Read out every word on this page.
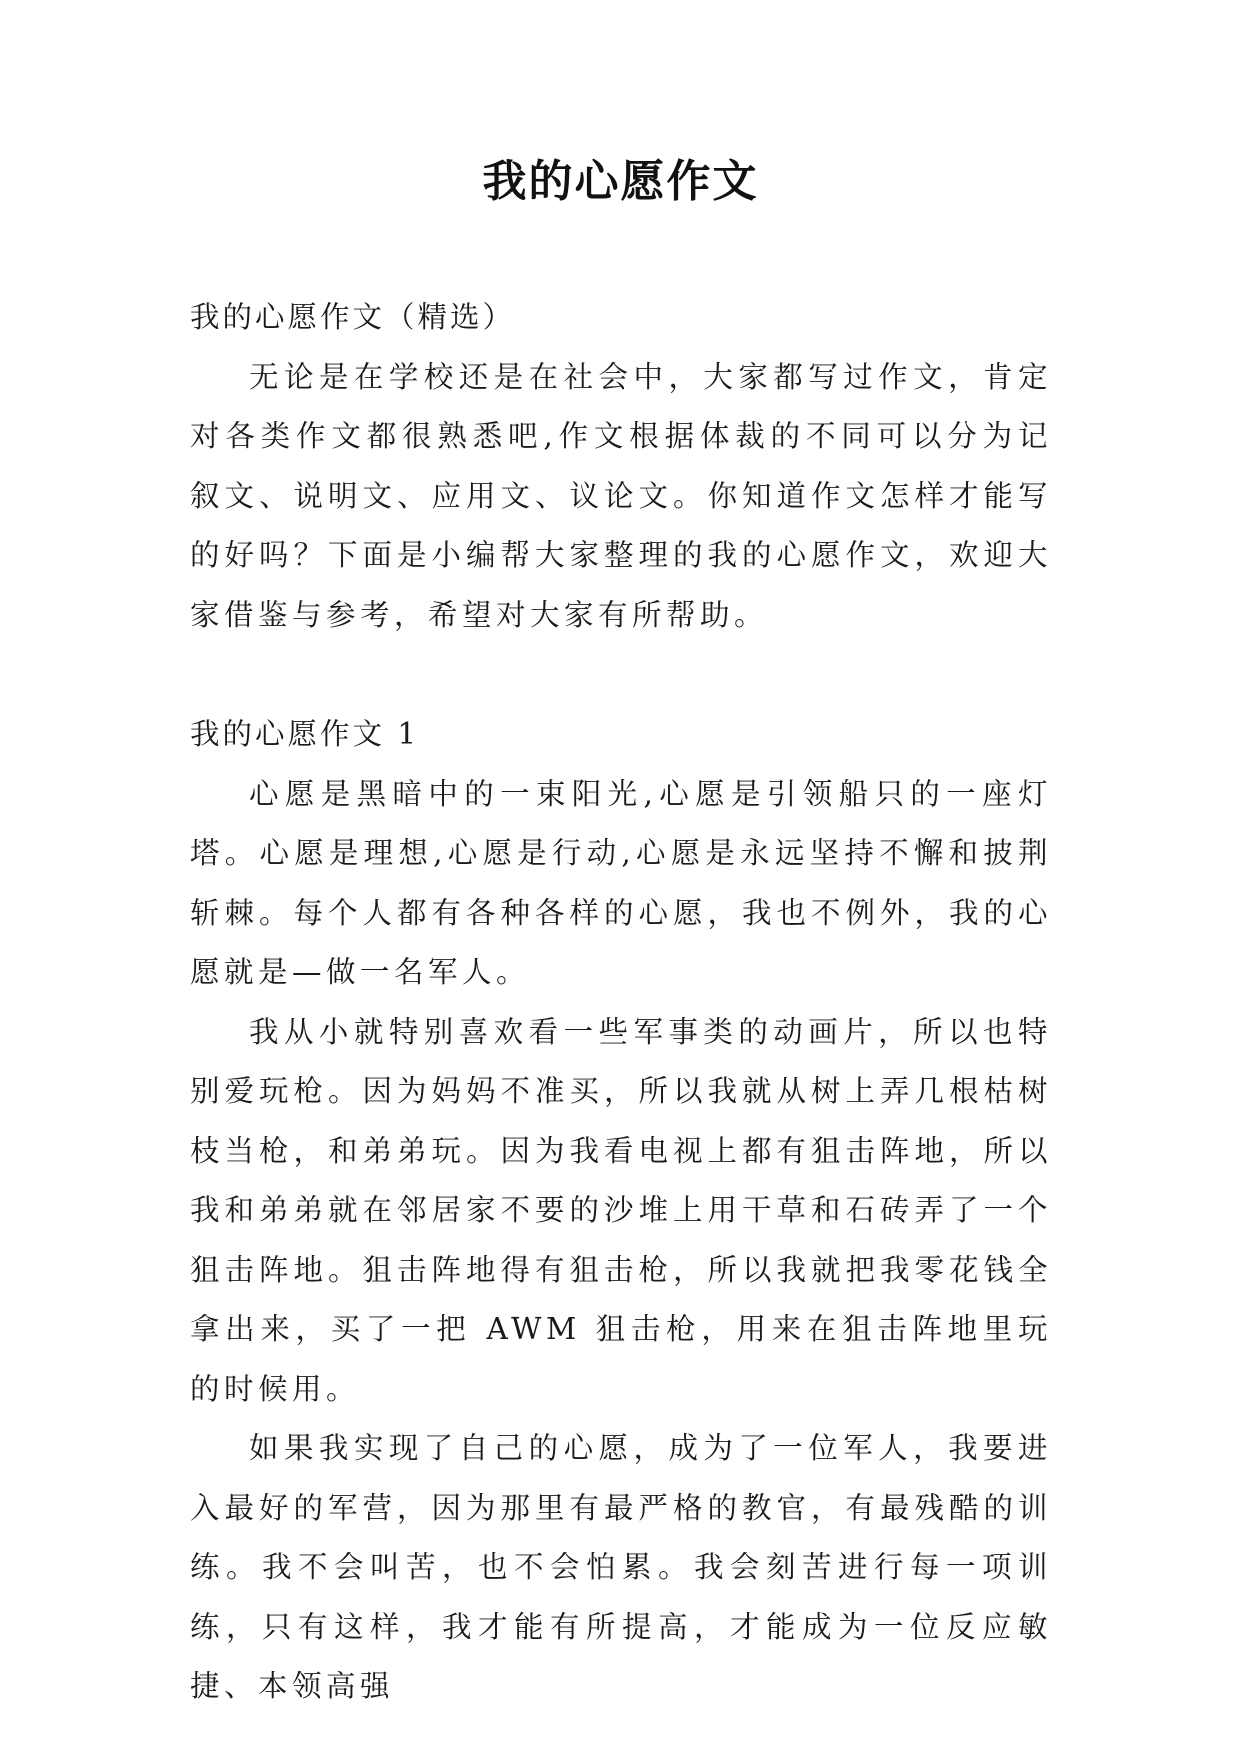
我的心愿作文

我的心愿作文（精选）

无论是在学校还是在社会中，大家都写过作文，肯定对各类作文都很熟悉吧,作文根据体裁的不同可以分为记叙文、说明文、应用文、议论文。你知道作文怎样才能写的好吗？下面是小编帮大家整理的我的心愿作文，欢迎大家借鉴与参考，希望对大家有所帮助。

我的心愿作文 1

心愿是黑暗中的一束阳光,心愿是引领船只的一座灯塔。心愿是理想,心愿是行动,心愿是永远坚持不懈和披荆斩棘。每个人都有各种各样的心愿，我也不例外，我的心愿就是—做一名军人。

我从小就特别喜欢看一些军事类的动画片，所以也特别爱玩枪。因为妈妈不准买，所以我就从树上弄几根枯树枝当枪，和弟弟玩。因为我看电视上都有狙击阵地，所以我和弟弟就在邻居家不要的沙堆上用干草和石砖弄了一个狙击阵地。狙击阵地得有狙击枪，所以我就把我零花钱全拿出来，买了一把 AWM 狙击枪，用来在狙击阵地里玩的时候用。

如果我实现了自己的心愿，成为了一位军人，我要进入最好的军营，因为那里有最严格的教官，有最残酷的训练。我不会叫苦，也不会怕累。我会刻苦进行每一项训练，只有这样，我才能有所提高，才能成为一位反应敏捷、本领高强
